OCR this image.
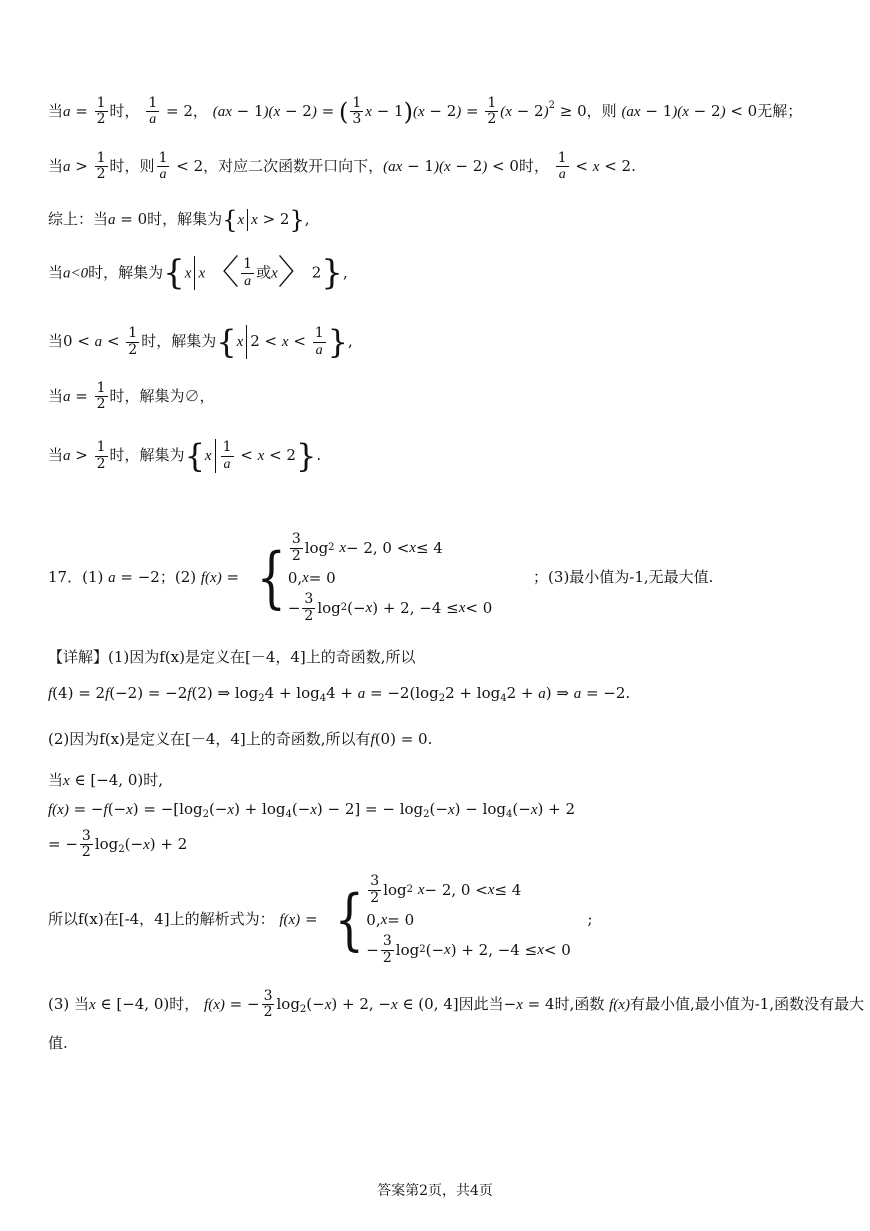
当$a = \frac{1}{2}$ 时， $\frac{1}{a} = 2$， (ax − 1)(x − 2) = ( $\frac{1}{3}$ $x - 1)(x - 2) = \frac{1}{2} (x - 2)^2 \ge 0$，则 (ax − 1)(x − 2) < 0无解；
当$a > \frac{1}{2}$ 时，则 $\frac{1}{a} < 2$，对应二次函数开口向下，(ax − 1)(x − 2) < 0时， $\frac{1}{a} < x < 2$.
综上：当a = 0时，解集为{x x > 2},
当a<0时，解集为{x x〈 $\frac{1}{a}$ 或x〉2},
当$0 < a < \frac{1}{2}$ 时，解集为{x $2 < x < \frac{1}{a}$ },
当$a = \frac{1}{2}$ 时，解集为∅，
当$a > \frac{1}{2}$ 时，解集为$\{x \frac{1}{a} < x < 2\}$.
17．(1) a = −2；(2) f(x) = { $\frac{3}{2}$ log 2
x − 2, 0 < x ≤ 4
0, x = 0
− $\frac{3}{2}$ log 2 (− x ) + 2, −4 ≤ x < 0
；(3)最小值为-1,无最大值.
【详解】(1)因为f(x)是定义在[－4，4]上的奇函数,所以
f(4) = 2f(−2) = −2f(2) ⇒ $\log_24 + \log_44 + a = -2(\log_22 + \log_42 + a)$ ⇒ a = −2.
(2)因为f(x)是定义在[－4，4]上的奇函数,所以有f(0) = 0.
当x ∈ [−4, 0)时,
$f(x) = -f(-x) = -[\log_2(-x) + \log_4(-x) - 2]$ = − $\log_2(-x) - \log_4(-x) + 2$
= − $\frac{3}{2} \log_2(-x) + 2$
所以f(x)在[-4，4]上的解析式为： f(x) = { $\frac{3}{2}$ log 2
x − 2, 0 < x ≤ 4
0, x = 0
− $\frac{3}{2}$ log 2 (− x ) + 2, −4 ≤ x < 0
;
(3) 当x ∈ [−4, 0)时， f(x) = − $\frac{3}{2} \log_2(-x) + 2$, −x ∈ (0, 4]因此当−x = 4时,函数 f(x)有最小值,最小值为-1,函数没有最大
值.
答案第2页，共4页
